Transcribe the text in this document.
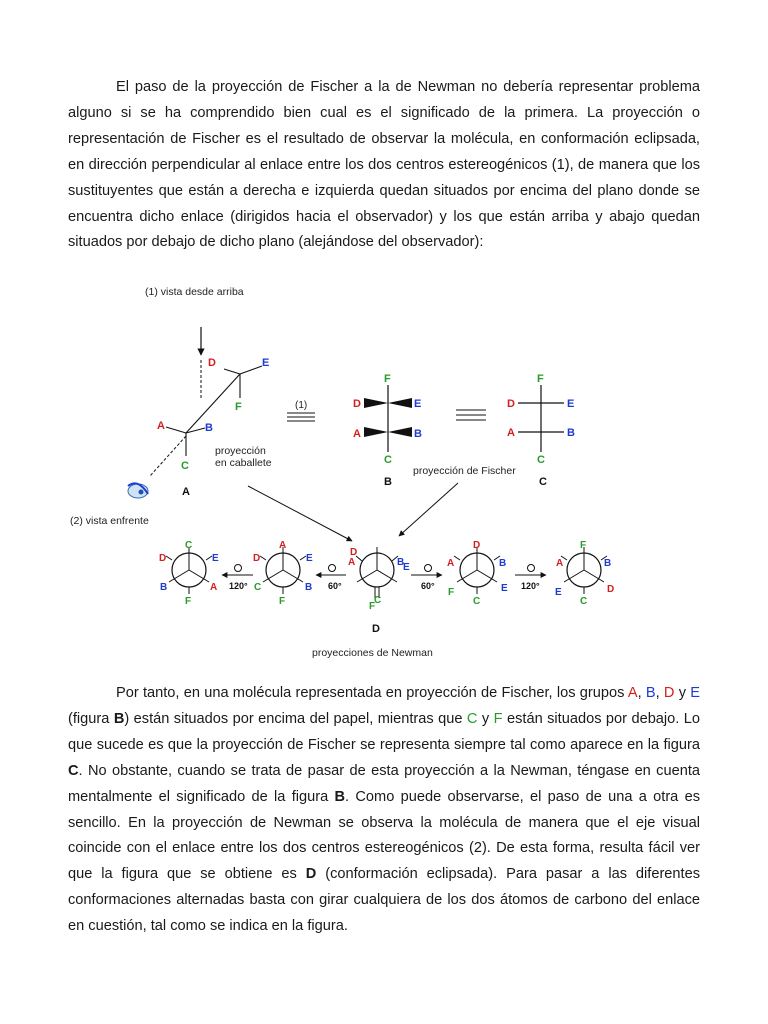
El paso de la proyección de Fischer a la de Newman no debería representar problema alguno si se ha comprendido bien cual es el significado de la primera. La proyección o representación de Fischer es el resultado de observar la molécula, en conformación eclipsada, en dirección perpendicular al enlace entre los dos centros estereogénicos (1), de manera que los sustituyentes que están a derecha e izquierda quedan situados por encima del plano donde se encuentra dicho enlace (dirigidos hacia el observador) y los que están arriba y abajo quedan situados por debajo de dicho plano (alejándose del observador):

(1) vista desde arriba
(2) vista enfrente
D	E
F
A	B
C
proyección
en caballete
A
(1)
F
D	E
A	B
C
B
F
D	E
A	B
C
proyección de Fischer
C
C
D	E
B	A
F
120°
A
D	E
C	B
F
60°
D
A	B
E
C
F
D
60°
D
A	B
F	E
C
120°
F
A	B
E	D
C
proyecciones de Newman

Por tanto, en una molécula representada en proyección de Fischer, los grupos A, B, D y E (figura B) están situados por encima del papel, mientras que C y F están situados por debajo. Lo que sucede es que la proyección de Fischer se representa siempre tal como aparece en la figura C. No obstante, cuando se trata de pasar de esta proyección a la Newman, téngase en cuenta mentalmente el significado de la figura B. Como puede observarse, el paso de una a otra es sencillo. En la proyección de Newman se observa la molécula de manera que el eje visual coincide con el enlace entre los dos centros estereogénicos (2). De esta forma, resulta fácil ver que la figura que se obtiene es D (conformación eclipsada). Para pasar a las diferentes conformaciones alternadas basta con girar cualquiera de los dos átomos de carbono del enlace en cuestión, tal como se indica en la figura.
